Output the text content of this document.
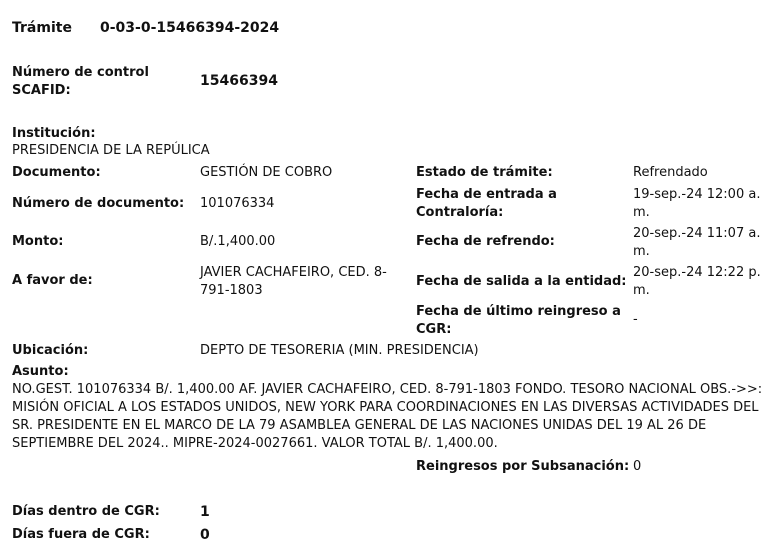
Trámite 0-03-0-15466394-2024
Número de control
SCAFID:
15466394
Institución:
PRESIDENCIA DE LA REPÚLICA
Documento:	GESTIÓN DE COBRO
Número de documento: 101076334
Monto:	B/.1,400.00
A favor de:
JAVIER CACHAFEIRO, CED. 8-
791-1803
Estado de trámite:	Refrendado
Fecha de entrada a
Contraloría:
19-sep.-24 12:00 a.
m.
Fecha de refrendo:
20-sep.-24 11:07 a.
m.
Fecha de salida a la entidad:
20-sep.-24 12:22 p.
m.
Fecha de último reingreso a
CGR:
-
Ubicación:	DEPTO DE TESORERIA (MIN. PRESIDENCIA)
Asunto:
NO.GEST. 101076334 B/. 1,400.00 AF. JAVIER CACHAFEIRO, CED. 8-791-1803 FONDO. TESORO NACIONAL OBS.->>:
MISIÓN OFICIAL A LOS ESTADOS UNIDOS, NEW YORK PARA COORDINACIONES EN LAS DIVERSAS ACTIVIDADES DEL
SR. PRESIDENTE EN EL MARCO DE LA 79 ASAMBLEA GENERAL DE LAS NACIONES UNIDAS DEL 19 AL 26 DE
SEPTIEMBRE DEL 2024.. MIPRE-2024-0027661. VALOR TOTAL B/. 1,400.00.
Reingresos por Subsanación: 0
Días dentro de CGR:	1
Días fuera de CGR:	0
